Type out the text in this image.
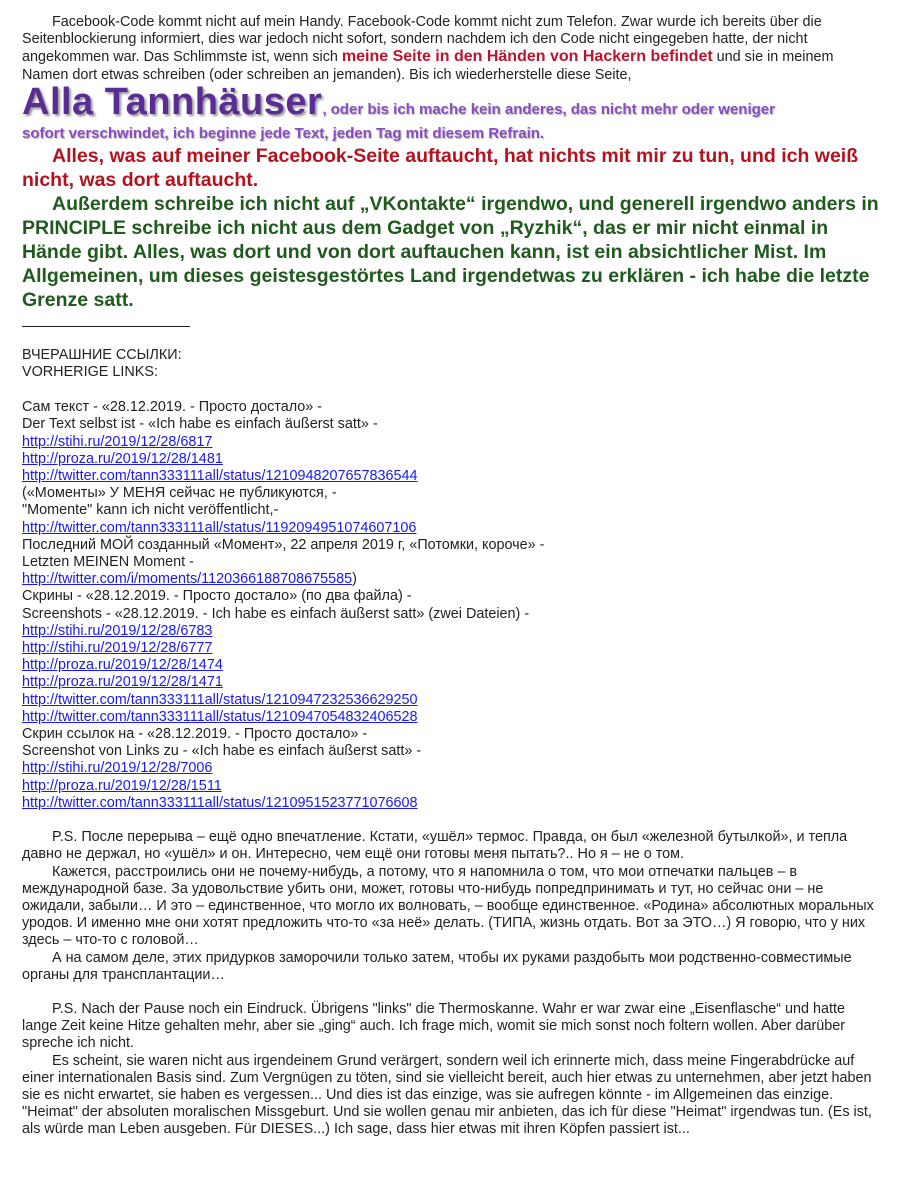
Facebook-Code kommt nicht auf mein Handy. Facebook-Code kommt nicht zum Telefon. Zwar wurde ich bereits über die Seitenblockierung informiert, dies war jedoch nicht sofort, sondern nachdem ich den Code nicht eingegeben hatte, der nicht angekommen war. Das Schlimmste ist, wenn sich meine Seite in den Händen von Hackern befindet und sie in meinem Namen dort etwas schreiben (oder schreiben an jemanden). Bis ich wiederherstelle diese Seite,

Alla Tannhäuser, oder bis ich mache kein anderes, das nicht mehr oder weniger

sofort verschwindet, ich beginne jede Text, jeden Tag mit diesem Refrain.

Alles, was auf meiner Facebook-Seite auftaucht, hat nichts mit mir zu tun, und ich weiß nicht, was dort auftaucht.

Außerdem schreibe ich nicht auf „VKontakte“ irgendwo, und generell irgendwo anders in PRINCIPLE schreibe ich nicht aus dem Gadget von „Ryzhik“, das er mir nicht einmal in Hände gibt. Alles, was dort und von dort auftauchen kann, ist ein absichtlicher Mist. Im Allgemeinen, um dieses geistesgestörtes Land irgendetwas zu erklären - ich habe die letzte Grenze satt.

ВЧЕРАШНИЕ ССЫЛКИ:

VORHERIGE LINKS:

Сам текст - «28.12.2019. - Просто достало» -

Der Text selbst ist - «Ich habe es einfach äußerst satt» -

http://stihi.ru/2019/12/28/6817

http://proza.ru/2019/12/28/1481

http://twitter.com/tann333111all/status/1210948207657836544

(«Моменты» У МЕНЯ сейчас не публикуются, -

"Momente" kann ich nicht veröffentlicht,-

http://twitter.com/tann333111all/status/1192094951074607106

Последний МОЙ созданный «Момент», 22 апреля 2019 г, «Потомки, короче» -

Letzten MEINEN Moment -

http://twitter.com/i/moments/1120366188708675585)

Скрины - «28.12.2019. - Просто достало» (по два файла) -

Screenshots - «28.12.2019. - Ich habe es einfach äußerst satt» (zwei Dateien) -

http://stihi.ru/2019/12/28/6783

http://stihi.ru/2019/12/28/6777

http://proza.ru/2019/12/28/1474

http://proza.ru/2019/12/28/1471

http://twitter.com/tann333111all/status/1210947232536629250

http://twitter.com/tann333111all/status/1210947054832406528

Скрин ссылок на - «28.12.2019. - Просто достало» -

Screenshot von Links zu - «Ich habe es einfach äußerst satt» -

http://stihi.ru/2019/12/28/7006

http://proza.ru/2019/12/28/1511

http://twitter.com/tann333111all/status/1210951523771076608

P.S. После перерыва – ещё одно впечатление. Кстати, «ушёл» термос. Правда, он был «железной бутылкой», и тепла давно не держал, но «ушёл» и он. Интересно, чем ещё они готовы меня пытать?.. Но я – не о том.

Кажется, расстроились они не почему-нибудь, а потому, что я напомнила о том, что мои отпечатки пальцев – в международной базе. За удовольствие убить они, может, готовы что-нибудь попредпринимать и тут, но сейчас они – не ожидали, забыли… И это – единственное, что могло их волновать, – вообще единственное. «Родина» абсолютных моральных уродов. И именно мне они хотят предложить что-то «за неё» делать. (ТИПА, жизнь отдать. Вот за ЭТО…) Я говорю, что у них здесь – что-то с головой…

А на самом деле, этих придурков заморочили только затем, чтобы их руками раздобыть мои родственно-совместимые органы для трансплантации…

P.S. Nach der Pause noch ein Eindruck. Übrigens "links" die Thermoskanne. Wahr er war zwar eine „Eisenflasche“ und hatte lange Zeit keine Hitze gehalten mehr, aber sie „ging“ auch. Ich frage mich, womit sie mich sonst noch foltern wollen. Aber darüber spreche ich nicht.

Es scheint, sie waren nicht aus irgendeinem Grund verärgert, sondern weil ich erinnerte mich, dass meine Fingerabdrücke auf einer internationalen Basis sind. Zum Vergnügen zu töten, sind sie vielleicht bereit, auch hier etwas zu unternehmen, aber jetzt haben sie es nicht erwartet, sie haben es vergessen... Und dies ist das einzige, was sie aufregen könnte - im Allgemeinen das einzige. "Heimat" der absoluten moralischen Missgeburt. Und sie wollen genau mir anbieten, das ich für diese "Heimat" irgendwas tun. (Es ist, als würde man Leben ausgeben. Für DIESES...) Ich sage, dass hier etwas mit ihren Köpfen passiert ist...
